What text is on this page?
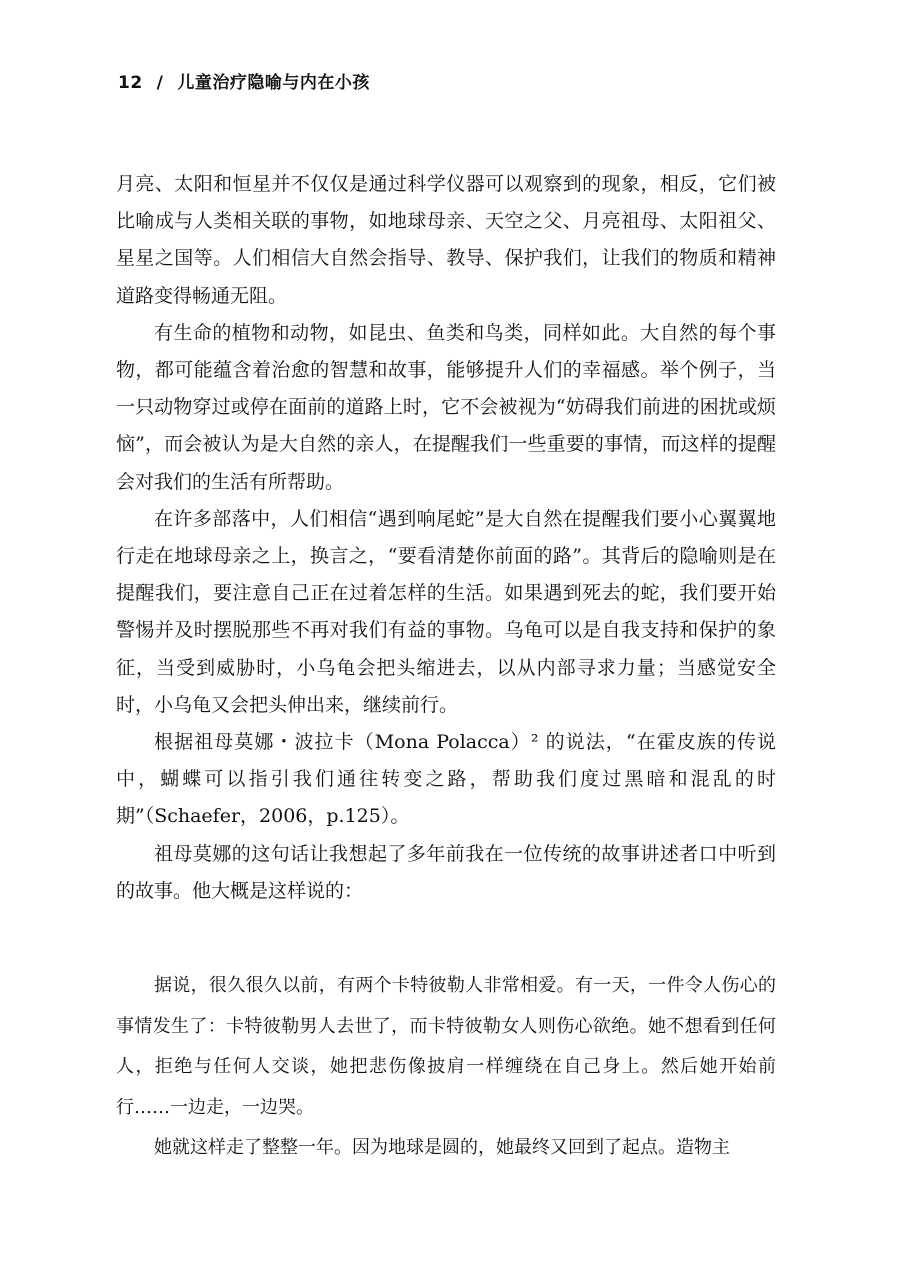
12 / 儿童治疗隐喻与内在小孩

月亮、太阳和恒星并不仅仅是通过科学仪器可以观察到的现象，相反，它们被比喻成与人类相关联的事物，如地球母亲、天空之父、月亮祖母、太阳祖父、星星之国等。人们相信大自然会指导、教导、保护我们，让我们的物质和精神道路变得畅通无阻。

有生命的植物和动物，如昆虫、鱼类和鸟类，同样如此。大自然的每个事物，都可能蕴含着治愈的智慧和故事，能够提升人们的幸福感。举个例子，当一只动物穿过或停在面前的道路上时，它不会被视为“妨碍我们前进的困扰或烦恼”，而会被认为是大自然的亲人，在提醒我们一些重要的事情，而这样的提醒会对我们的生活有所帮助。

在许多部落中，人们相信“遇到响尾蛇”是大自然在提醒我们要小心翼翼地行走在地球母亲之上，换言之，“要看清楚你前面的路”。其背后的隐喻则是在提醒我们，要注意自己正在过着怎样的生活。如果遇到死去的蛇，我们要开始警惕并及时摆脱那些不再对我们有益的事物。乌龟可以是自我支持和保护的象征，当受到威胁时，小乌龟会把头缩进去，以从内部寻求力量；当感觉安全时，小乌龟又会把头伸出来，继续前行。

根据祖母莫娜・波拉卡（Mona Polacca）² 的说法，“在霍皮族的传说中，蝴蝶可以指引我们通往转变之路，帮助我们度过黑暗和混乱的时期”（Schaefer，2006，p.125）。

祖母莫娜的这句话让我想起了多年前我在一位传统的故事讲述者口中听到的故事。他大概是这样说的：

据说，很久很久以前，有两个卡特彼勒人非常相爱。有一天，一件令人伤心的事情发生了：卡特彼勒男人去世了，而卡特彼勒女人则伤心欲绝。她不想看到任何人，拒绝与任何人交谈，她把悲伤像披肩一样缠绕在自己身上。然后她开始前行……一边走，一边哭。

她就这样走了整整一年。因为地球是圆的，她最终又回到了起点。造物主
